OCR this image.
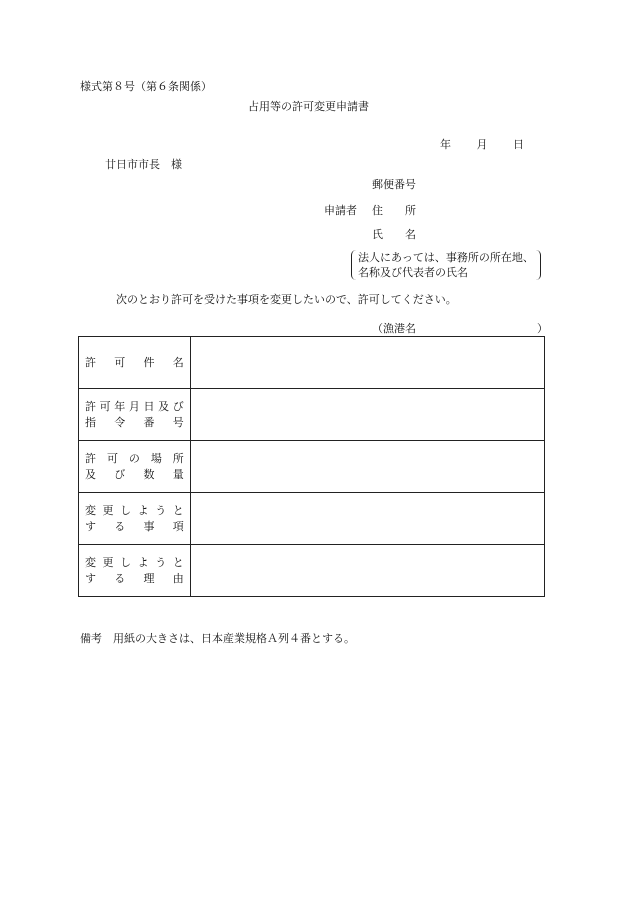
様式第８号（第６条関係）
占用等の許可変更申請書
年 月 日
廿日市市長　様
郵便番号
申請者 住　　所
氏　　名
法人にあっては、事務所の所在地、名称及び代表者の氏名
次のとおり許可を受けた事項を変更したいので、許可してください。
（漁港名　　　　　　　　　　　）
許　可　件　名	

許可年月日及び
指　令　番　号	

許 可 の 場 所
及　び　数　量	

変更しようと
す　る　事　項	

変更しようと
す　る　理　由	

備考　用紙の大きさは、日本産業規格Ａ列４番とする。
